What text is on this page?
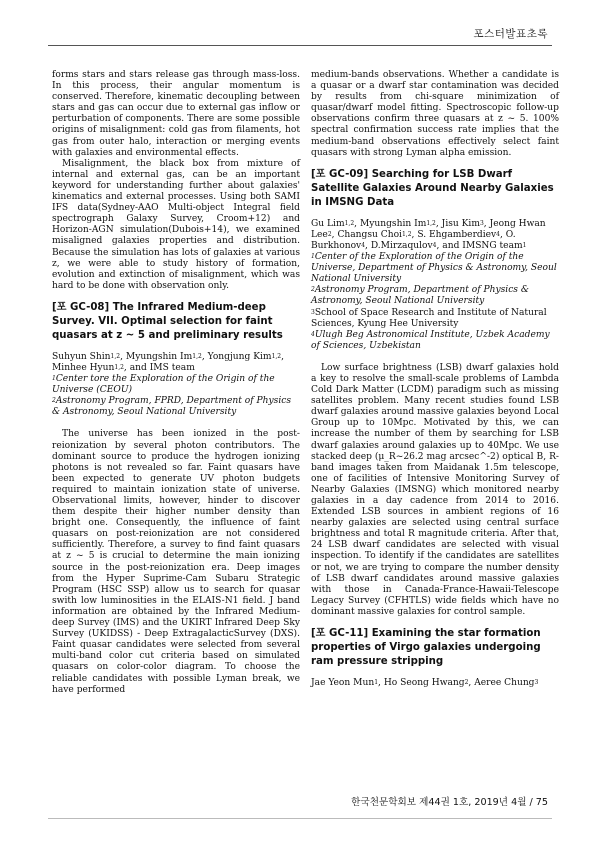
포스터발표초록

forms stars and stars release gas through mass-loss. In this process, their angular momentum is conserved. Therefore, kinematic decoupling between stars and gas can occur due to external gas inflow or perturbation of components. There are some possible origins of misalignment: cold gas from filaments, hot gas from outer halo, interaction or merging events with galaxies and environmental effects.

Misalignment, the black box from mixture of internal and external gas, can be an important keyword for understanding further about galaxies' kinematics and external processes. Using both SAMI IFS data(Sydney-AAO Multi-object Integral field spectrograph Galaxy Survey, Croom+12) and Horizon-AGN simulation(Dubois+14), we examined misaligned galaxies properties and distribution. Because the simulation has lots of galaxies at various z, we were able to study history of formation, evolution and extinction of misalignment, which was hard to be done with observation only.

[포 GC-08] The Infrared Medium-deep Survey. VII. Optimal selection for faint quasars at z ~ 5 and preliminary results

Suhyun Shin$^{1,2}$, Myungshin Im$^{1,2}$, Yongjung Kim$^{1,2}$, Minhee Hyun$^{1,2}$, and IMS team

$^1$Center tore the Exploration of the Origin of the Universe (CEOU)

$^2$Astronomy Program, FPRD, Department of Physics & Astronomy, Seoul National University

The universe has been ionized in the post-reionization by several photon contributors. The dominant source to produce the hydrogen ionizing photons is not revealed so far. Faint quasars have been expected to generate UV photon budgets required to maintain ionization state of universe. Observational limits, however, hinder to discover them despite their higher number density than bright one. Consequently, the influence of faint quasars on post-reionization are not considered sufficiently. Therefore, a survey to find faint quasars at z ~ 5 is crucial to determine the main ionizing source in the post-reionization era. Deep images from the Hyper Suprime-Cam Subaru Strategic Program (HSC SSP) allow us to search for quasar swith low luminosities in the ELAIS-N1 field. J band information are obtained by the Infrared Medium-deep Survey (IMS) and the UKIRT Infrared Deep Sky Survey (UKIDSS) - Deep ExtragalacticSurvey (DXS). Faint quasar candidates were selected from several multi-band color cut criteria based on simulated quasars on color-color diagram. To choose the reliable candidates with possible Lyman break, we have performed

medium-bands observations. Whether a candidate is a quasar or a dwarf star contamination was decided by results from chi-square minimization of quasar/dwarf model fitting. Spectroscopic follow-up observations confirm three quasars at z ~ 5. 100% spectral confirmation success rate implies that the medium-band observations effectively select faint quasars with strong Lyman alpha emission.

[포 GC-09] Searching for LSB Dwarf Satellite Galaxies Around Nearby Galaxies in IMSNG Data

Gu Lim$^{1,2}$, Myungshin Im$^{1,2}$, Jisu Kim$^3$, Jeong Hwan Lee$^2$, Changsu Choi$^{1,2}$, S. Ehgamberdiev$^4$, O. Burkhonov$^4$, D.Mirzaqulov$^4$, and IMSNG team$^1$

$^1$Center of the Exploration of the Origin of the Universe, Department of Physics & Astronomy, Seoul National University

$^2$Astronomy Program, Department of Physics & Astronomy, Seoul National University

$^3$School of Space Research and Institute of Natural Sciences, Kyung Hee University

$^4$Ulugh Beg Astronomical Institute, Uzbek Academy of Sciences, Uzbekistan

Low surface brightness (LSB) dwarf galaxies hold a key to resolve the small-scale problems of Lambda Cold Dark Matter (LCDM) paradigm such as missing satellites problem. Many recent studies found LSB dwarf galaxies around massive galaxies beyond Local Group up to 10Mpc. Motivated by this, we can increase the number of them by searching for LSB dwarf galaxies around galaxies up to 40Mpc. We use stacked deep (μ_R~26.2 mag arcsec^-2) optical B, R-band images taken from Maidanak 1.5m telescope, one of facilities of Intensive Monitoring Survey of Nearby Galaxies (IMSNG) which monitored nearby galaxies in a day cadence from 2014 to 2016. Extended LSB sources in ambient regions of 16 nearby galaxies are selected using central surface brightness and total R magnitude criteria. After that, 24 LSB dwarf candidates are selected with visual inspection. To identify if the candidates are satellites or not, we are trying to compare the number density of LSB dwarf candidates around massive galaxies with those in Canada-France-Hawaii-Telescope Legacy Survey (CFHTLS) wide fields which have no dominant massive galaxies for control sample.

[포 GC-11] Examining the star formation properties of Virgo galaxies undergoing ram pressure stripping

Jae Yeon Mun$^1$, Ho Seong Hwang$^2$, Aeree Chung$^3$

한국천문학회보 제44권 1호, 2019년 4월 / 75
